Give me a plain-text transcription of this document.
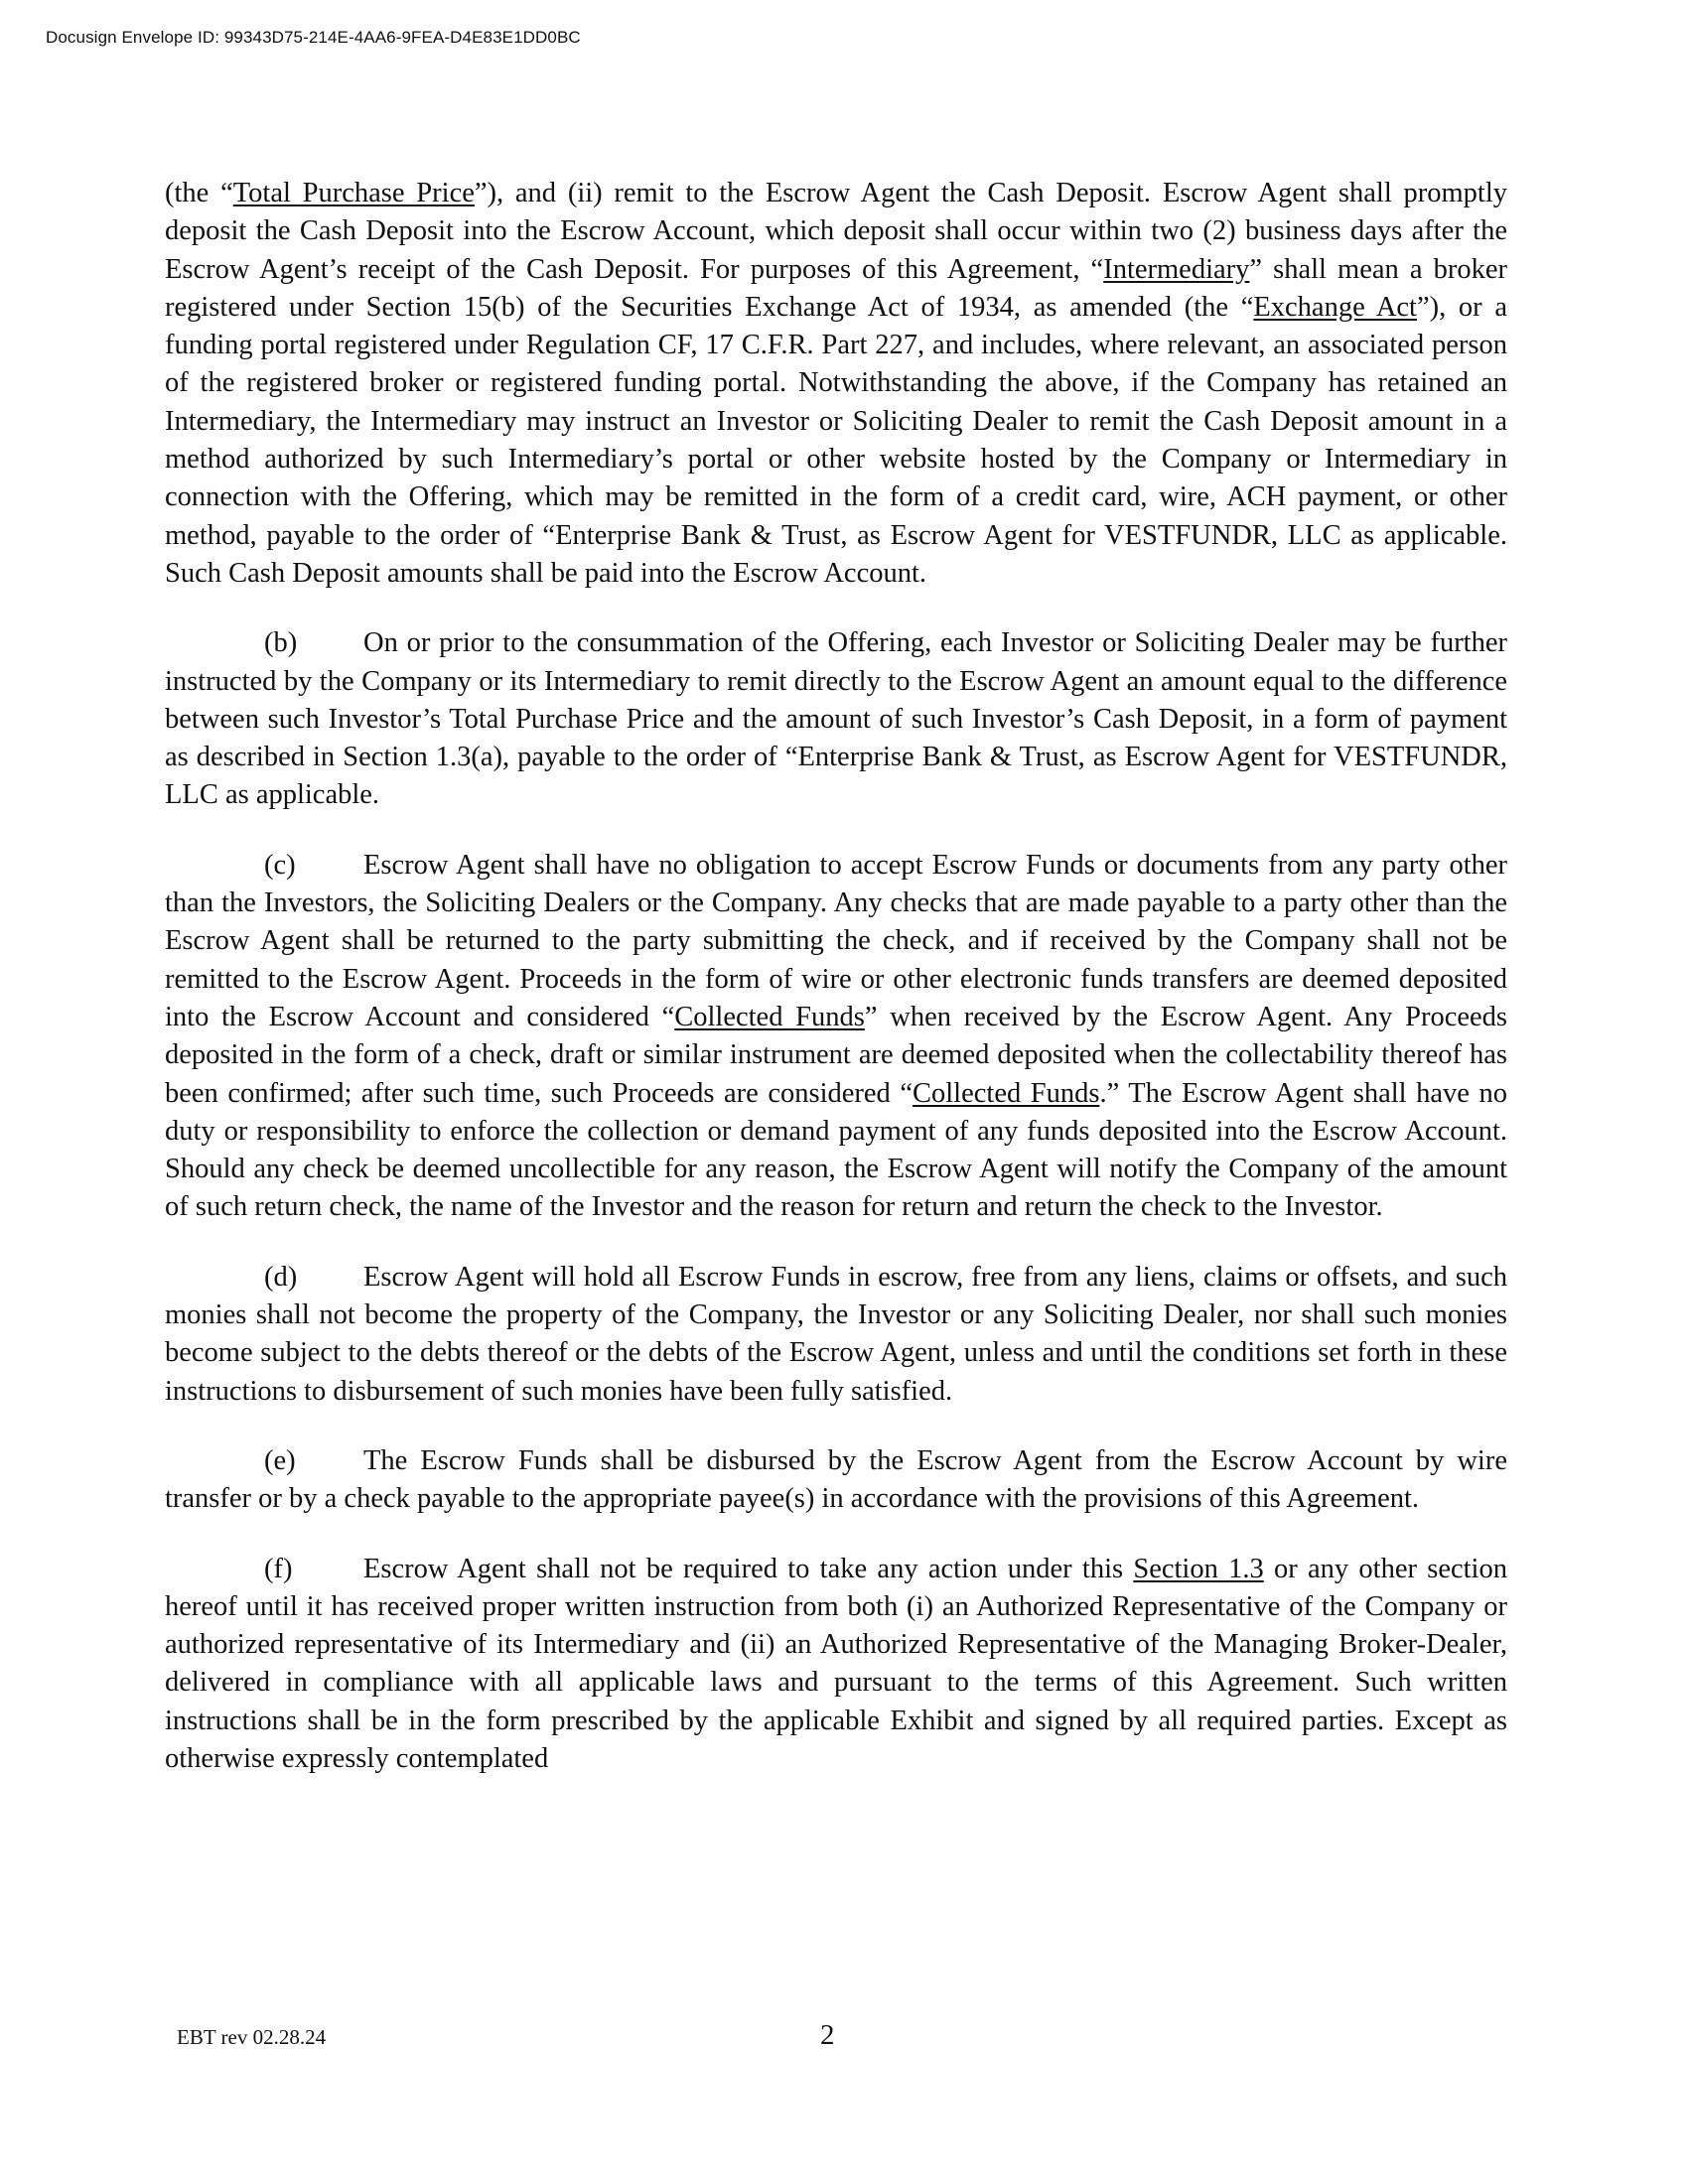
Docusign Envelope ID: 99343D75-214E-4AA6-9FEA-D4E83E1DD0BC

(the “Total Purchase Price”), and (ii) remit to the Escrow Agent the Cash Deposit. Escrow Agent shall promptly deposit the Cash Deposit into the Escrow Account, which deposit shall occur within two (2) business days after the Escrow Agent’s receipt of the Cash Deposit. For purposes of this Agreement, “Intermediary” shall mean a broker registered under Section 15(b) of the Securities Exchange Act of 1934, as amended (the “Exchange Act”), or a funding portal registered under Regulation CF, 17 C.F.R. Part 227, and includes, where relevant, an associated person of the registered broker or registered funding portal. Notwithstanding the above, if the Company has retained an Intermediary, the Intermediary may instruct an Investor or Soliciting Dealer to remit the Cash Deposit amount in a method authorized by such Intermediary’s portal or other website hosted by the Company or Intermediary in connection with the Offering, which may be remitted in the form of a credit card, wire, ACH payment, or other method, payable to the order of “Enterprise Bank & Trust, as Escrow Agent for VESTFUNDR, LLC as applicable. Such Cash Deposit amounts shall be paid into the Escrow Account.

(b) On or prior to the consummation of the Offering, each Investor or Soliciting Dealer may be further instructed by the Company or its Intermediary to remit directly to the Escrow Agent an amount equal to the difference between such Investor’s Total Purchase Price and the amount of such Investor’s Cash Deposit, in a form of payment as described in Section 1.3(a), payable to the order of “Enterprise Bank & Trust, as Escrow Agent for VESTFUNDR, LLC as applicable.

(c) Escrow Agent shall have no obligation to accept Escrow Funds or documents from any party other than the Investors, the Soliciting Dealers or the Company. Any checks that are made payable to a party other than the Escrow Agent shall be returned to the party submitting the check, and if received by the Company shall not be remitted to the Escrow Agent. Proceeds in the form of wire or other electronic funds transfers are deemed deposited into the Escrow Account and considered “Collected Funds” when received by the Escrow Agent. Any Proceeds deposited in the form of a check, draft or similar instrument are deemed deposited when the collectability thereof has been confirmed; after such time, such Proceeds are considered “Collected Funds.” The Escrow Agent shall have no duty or responsibility to enforce the collection or demand payment of any funds deposited into the Escrow Account. Should any check be deemed uncollectible for any reason, the Escrow Agent will notify the Company of the amount of such return check, the name of the Investor and the reason for return and return the check to the Investor.

(d) Escrow Agent will hold all Escrow Funds in escrow, free from any liens, claims or offsets, and such monies shall not become the property of the Company, the Investor or any Soliciting Dealer, nor shall such monies become subject to the debts thereof or the debts of the Escrow Agent, unless and until the conditions set forth in these instructions to disbursement of such monies have been fully satisfied.

(e) The Escrow Funds shall be disbursed by the Escrow Agent from the Escrow Account by wire transfer or by a check payable to the appropriate payee(s) in accordance with the provisions of this Agreement.

(f)	Escrow Agent shall not be required to take any action under this Section 1.3 or any other section hereof until it has received proper written instruction from both (i) an Authorized Representative of the Company or authorized representative of its Intermediary and (ii) an Authorized Representative of the Managing Broker-Dealer, delivered in compliance with all applicable laws and pursuant to the terms of this Agreement. Such written instructions shall be in the form prescribed by the applicable Exhibit and signed by all required parties. Except as otherwise expressly contemplated

EBT rev 02.28.24	2
